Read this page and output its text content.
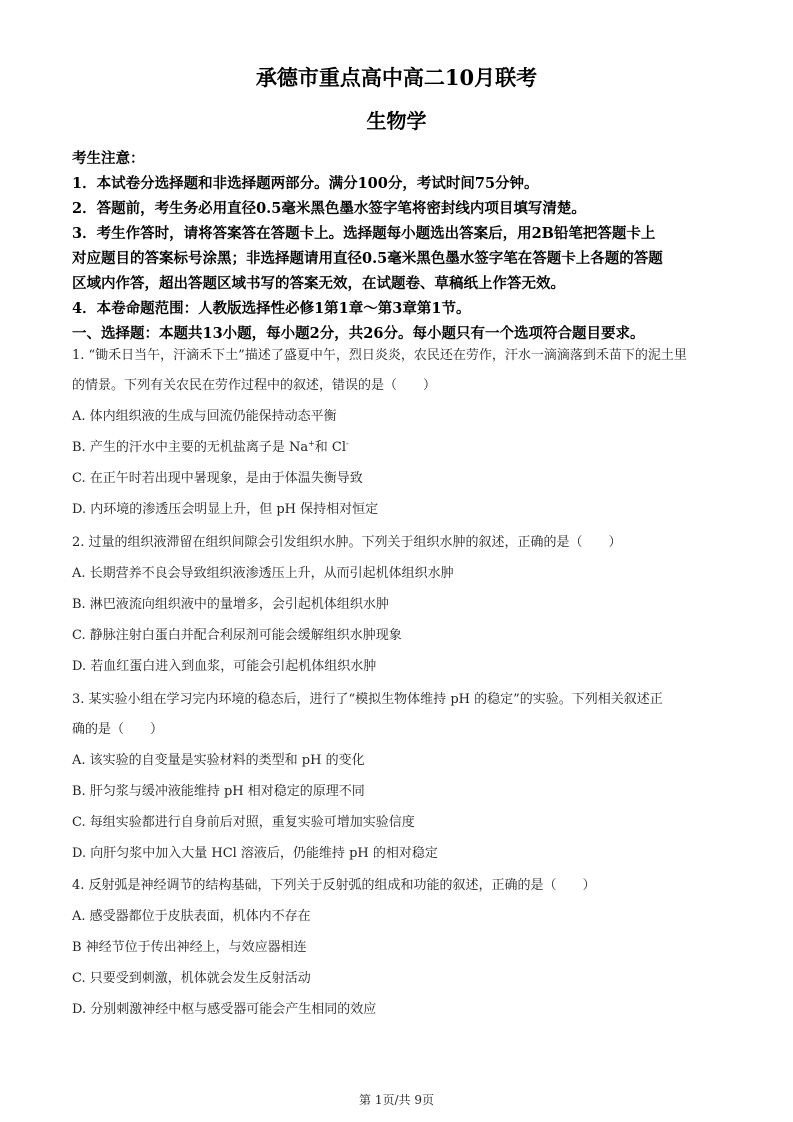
承德市重点高中高二10月联考
生物学
考生注意：
1．本试卷分选择题和非选择题两部分。满分100分，考试时间75分钟。
2．答题前，考生务必用直径0.5毫米黑色墨水签字笔将密封线内项目填写清楚。
3．考生作答时，请将答案答在答题卡上。选择题每小题选出答案后，用2B铅笔把答题卡上
对应题目的答案标号涂黑；非选择题请用直径0.5毫米黑色墨水签字笔在答题卡上各题的答题
区域内作答，超出答题区域书写的答案无效，在试题卷、草稿纸上作答无效。
4．本卷命题范围：人教版选择性必修1第1章～第3章第1节。
一、选择题：本题共13小题，每小题2分，共26分。每小题只有一个选项符合题目要求。

1. “锄禾日当午，汗滴禾下土”描述了盛夏中午，烈日炎炎，农民还在劳作，汗水一滴滴落到禾苗下的泥土里

的情景。下列有关农民在劳作过程中的叙述，错误的是（　　）

A. 体内组织液的生成与回流仍能保持动态平衡

B. 产生的汗水中主要的无机盐离子是 Na+和 Cl-

C. 在正午时若出现中暑现象，是由于体温失衡导致

D. 内环境的渗透压会明显上升，但 pH 保持相对恒定

2. 过量的组织液滞留在组织间隙会引发组织水肿。下列关于组织水肿的叙述，正确的是（　　）

A. 长期营养不良会导致组织液渗透压上升，从而引起机体组织水肿

B. 淋巴液流向组织液中的量增多，会引起机体组织水肿

C. 静脉注射白蛋白并配合利尿剂可能会缓解组织水肿现象

D. 若血红蛋白进入到血浆，可能会引起机体组织水肿

3. 某实验小组在学习完内环境的稳态后，进行了“模拟生物体维持 pH 的稳定”的实验。下列相关叙述正

确的是（　　）

A. 该实验的自变量是实验材料的类型和 pH 的变化

B. 肝匀浆与缓冲液能维持 pH 相对稳定的原理不同

C. 每组实验都进行自身前后对照，重复实验可增加实验信度

D. 向肝匀浆中加入大量 HCl 溶液后，仍能维持 pH 的相对稳定

4. 反射弧是神经调节的结构基础，下列关于反射弧的组成和功能的叙述，正确的是（　　）

A. 感受器都位于皮肤表面，机体内不存在

B 神经节位于传出神经上，与效应器相连

C. 只要受到刺激，机体就会发生反射活动

D. 分别刺激神经中枢与感受器可能会产生相同的效应

第 1页/共 9页
